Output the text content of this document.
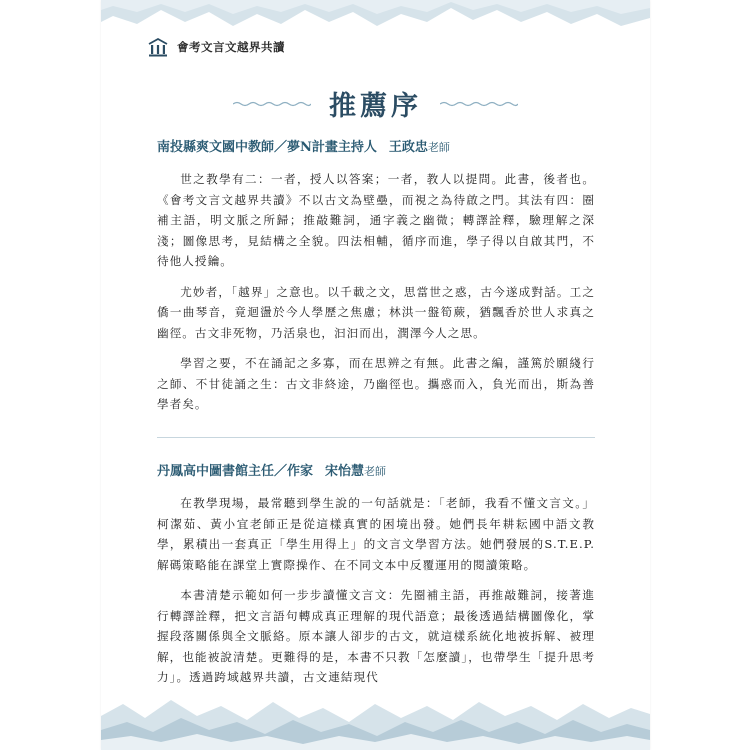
會考文言文越界共讀
推薦序

南投縣爽文國中教師／夢N計畫主持人 王政忠老師

世之教學有二：一者，授人以答案；一者，教人以提問。此書，後者也。《會考文言文越界共讀》不以古文為壁壘，而視之為待啟之門。其法有四：圈補主語，明文脈之所歸；推敲難詞，通字義之幽微；轉譯詮釋，驗理解之深淺；圖像思考，見結構之全貌。四法相輔，循序而進，學子得以自啟其門，不待他人授鑰。

尤妙者，「越界」之意也。以千載之文，思當世之惑，古今遂成對話。工之僑一曲琴音，竟迴盪於今人學歷之焦慮；林洪一盤筍蕨，猶飄香於世人求真之幽徑。古文非死物，乃活泉也，汩汩而出，潤澤今人之思。

學習之要，不在誦記之多寡，而在思辨之有無。此書之編，謹篤於願綫行之師、不甘徒誦之生：古文非終途，乃幽徑也。攜惑而入，負光而出，斯為善學者矣。

丹鳳高中圖書館主任／作家 宋怡慧老師

在教學現場，最常聽到學生說的一句話就是：「老師，我看不懂文言文。」柯潔茹、黃小宜老師正是從這樣真實的困境出發。她們長年耕耘國中語文教學，累積出一套真正「學生用得上」的文言文學習方法。她們發展的S.T.E.P.解碼策略能在課堂上實際操作、在不同文本中反覆運用的閱讀策略。

本書清楚示範如何一步步讀懂文言文：先圈補主語，再推敲難詞，接著進行轉譯詮釋，把文言語句轉成真正理解的現代語意；最後透過結構圖像化，掌握段落關係與全文脈絡。原本讓人卻步的古文，就這樣系統化地被拆解、被理解，也能被說清楚。更難得的是，本書不只教「怎麼讀」，也帶學生「提升思考力」。透過跨域越界共讀，古文連結現代
